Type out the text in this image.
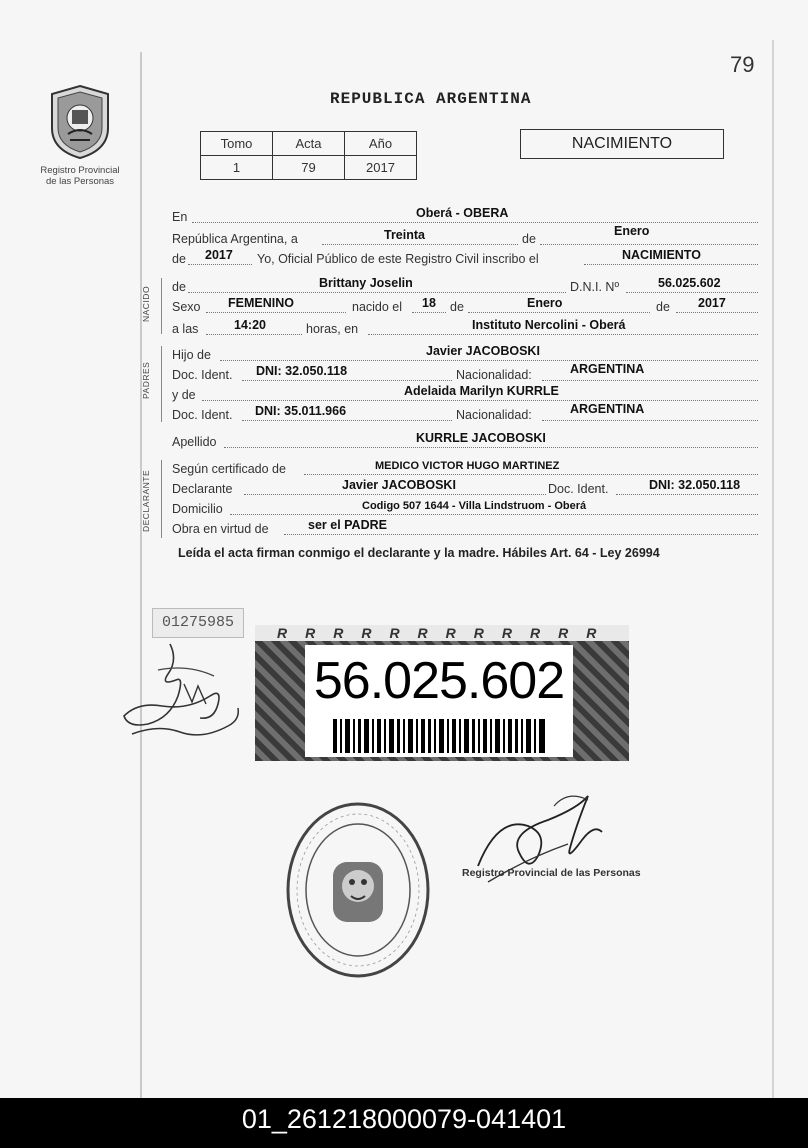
79
Registro Provincial
de las Personas
REPUBLICA ARGENTINA
Tomo	Acta	Año
1	79	2017
NACIMIENTO
En	Oberá - OBERA
República Argentina, a	Treinta	de
Enero
de 2017 Yo, Oficial Público de este Registro Civil inscribo el	NACIMIENTO
NACIDO de	Brittany Joselin	D.N.I. Nº	56.025.602
Sexo FEMENINO	nacido el 18 de	Enero	de 2017
a las	14:20	horas, en	Instituto Nercolini - Oberá
PADRES
Hijo de	Javier JACOBOSKI
Doc. Ident. DNI: 32.050.118	Nacionalidad:	ARGENTINA
y de	Adelaida Marilyn KURRLE
Doc. Ident. DNI: 35.011.966	Nacionalidad:	ARGENTINA
Apellido	KURRLE JACOBOSKI
DECLARANTE
Según certificado de	MEDICO VICTOR HUGO MARTINEZ
Declarante	Javier JACOBOSKI	Doc. Ident.	DNI: 32.050.118
Domicilio	Codigo 507 1644 - Villa Lindstruom - Oberá
Obra en virtud de	ser el PADRE
Leída el acta firman conmigo el declarante y la madre. Hábiles Art. 64 - Ley 26994
01275985
RRRRRRRRRRRR
56.025.602
Registro Provincial de las Personas
01_261218000079-041401
